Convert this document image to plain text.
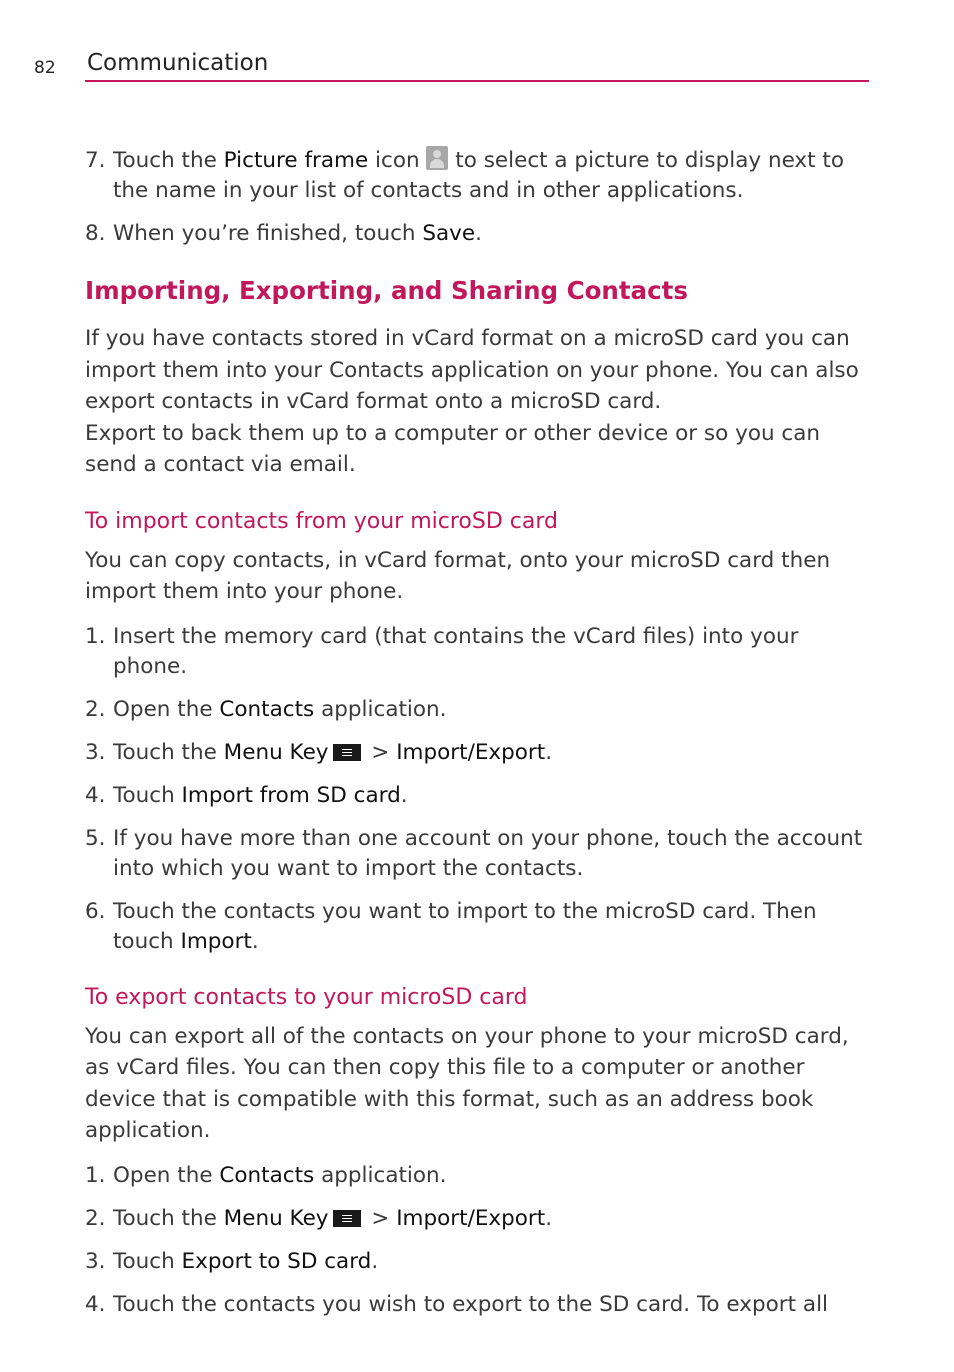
82 Communication
7. Touch the Picture frame icon  to select a picture to display next to the name in your list of contacts and in other applications.
8. When you’re finished, touch Save.
Importing, Exporting, and Sharing Contacts
If you have contacts stored in vCard format on a microSD card you can import them into your Contacts application on your phone. You can also export contacts in vCard format onto a microSD card.
Export to back them up to a computer or other device or so you can send a contact via email.
To import contacts from your microSD card
You can copy contacts, in vCard format, onto your microSD card then import them into your phone.
1. Insert the memory card (that contains the vCard files) into your phone.
2. Open the Contacts application.
3. Touch the Menu Key
> Import/Export.
4. Touch Import from SD card.
5. If you have more than one account on your phone, touch the account into which you want to import the contacts.
6. Touch the contacts you want to import to the microSD card. Then touch Import.
To export contacts to your microSD card
You can export all of the contacts on your phone to your microSD card, as vCard files. You can then copy this file to a computer or another device that is compatible with this format, such as an address book application.
1. Open the Contacts application.
2. Touch the Menu Key
> Import/Export.
3. Touch Export to SD card.
4. Touch the contacts you wish to export to the SD card. To export all
